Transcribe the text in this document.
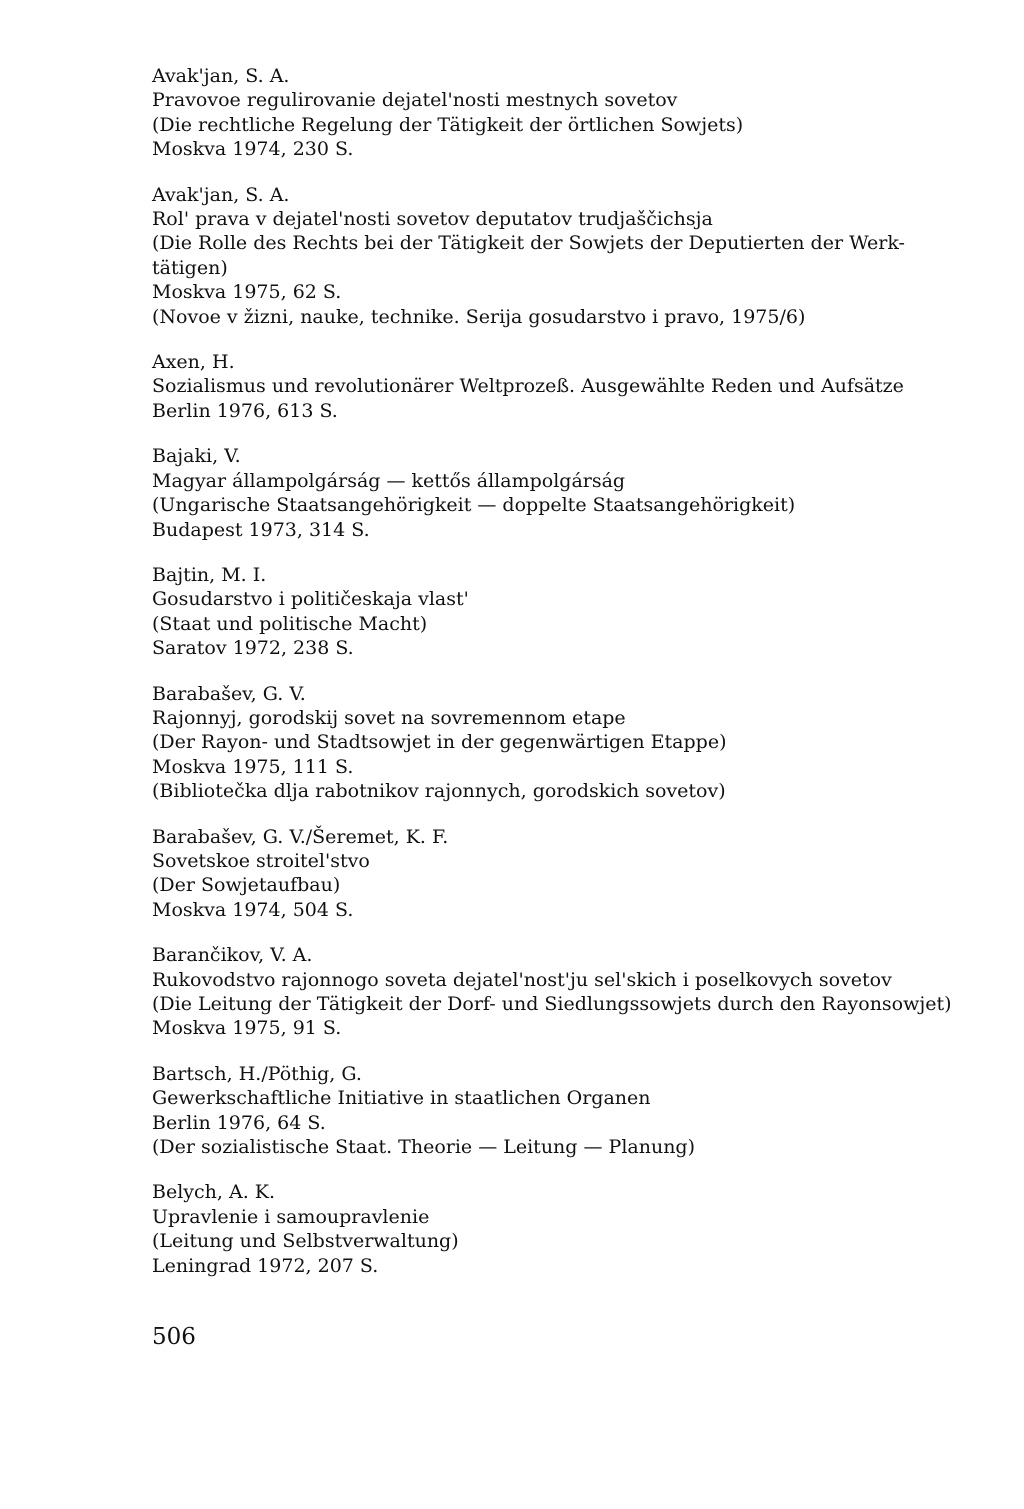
Avak'jan, S. A.
Pravovoe regulirovanie dejatel'nosti mestnych sovetov
(Die rechtliche Regelung der Tätigkeit der örtlichen Sowjets)
Moskva 1974, 230 S.
Avak'jan, S. A.
Rol' prava v dejatel'nosti sovetov deputatov trudjaščichsja
(Die Rolle des Rechts bei der Tätigkeit der Sowjets der Deputierten der Werk-
tätigen)
Moskva 1975, 62 S.
(Novoe v žizni, nauke, technike. Serija gosudarstvo i pravo, 1975/6)
Axen, H.
Sozialismus und revolutionärer Weltprozeß. Ausgewählte Reden und Aufsätze
Berlin 1976, 613 S.
Bajaki, V.
Magyar állampolgárság — kettős állampolgárság
(Ungarische Staatsangehörigkeit — doppelte Staatsangehörigkeit)
Budapest 1973, 314 S.
Bajtin, M. I.
Gosudarstvo i političeskaja vlast'
(Staat und politische Macht)
Saratov 1972, 238 S.
Barabašev, G. V.
Rajonnyj, gorodskij sovet na sovremennom etape
(Der Rayon- und Stadtsowjet in der gegenwärtigen Etappe)
Moskva 1975, 111 S.
(Bibliotečka dlja rabotnikov rajonnych, gorodskich sovetov)
Barabašev, G. V./Šeremet, K. F.
Sovetskoe stroitel'stvo
(Der Sowjetaufbau)
Moskva 1974, 504 S.
Barančikov, V. A.
Rukovodstvo rajonnogo soveta dejatel'nost'ju sel'skich i poselkovych sovetov
(Die Leitung der Tätigkeit der Dorf- und Siedlungssowjets durch den Rayonsowjet)
Moskva 1975, 91 S.
Bartsch, H./Pöthig, G.
Gewerkschaftliche Initiative in staatlichen Organen
Berlin 1976, 64 S.
(Der sozialistische Staat. Theorie — Leitung — Planung)
Belych, A. K.
Upravlenie i samoupravlenie
(Leitung und Selbstverwaltung)
Leningrad 1972, 207 S.
506
